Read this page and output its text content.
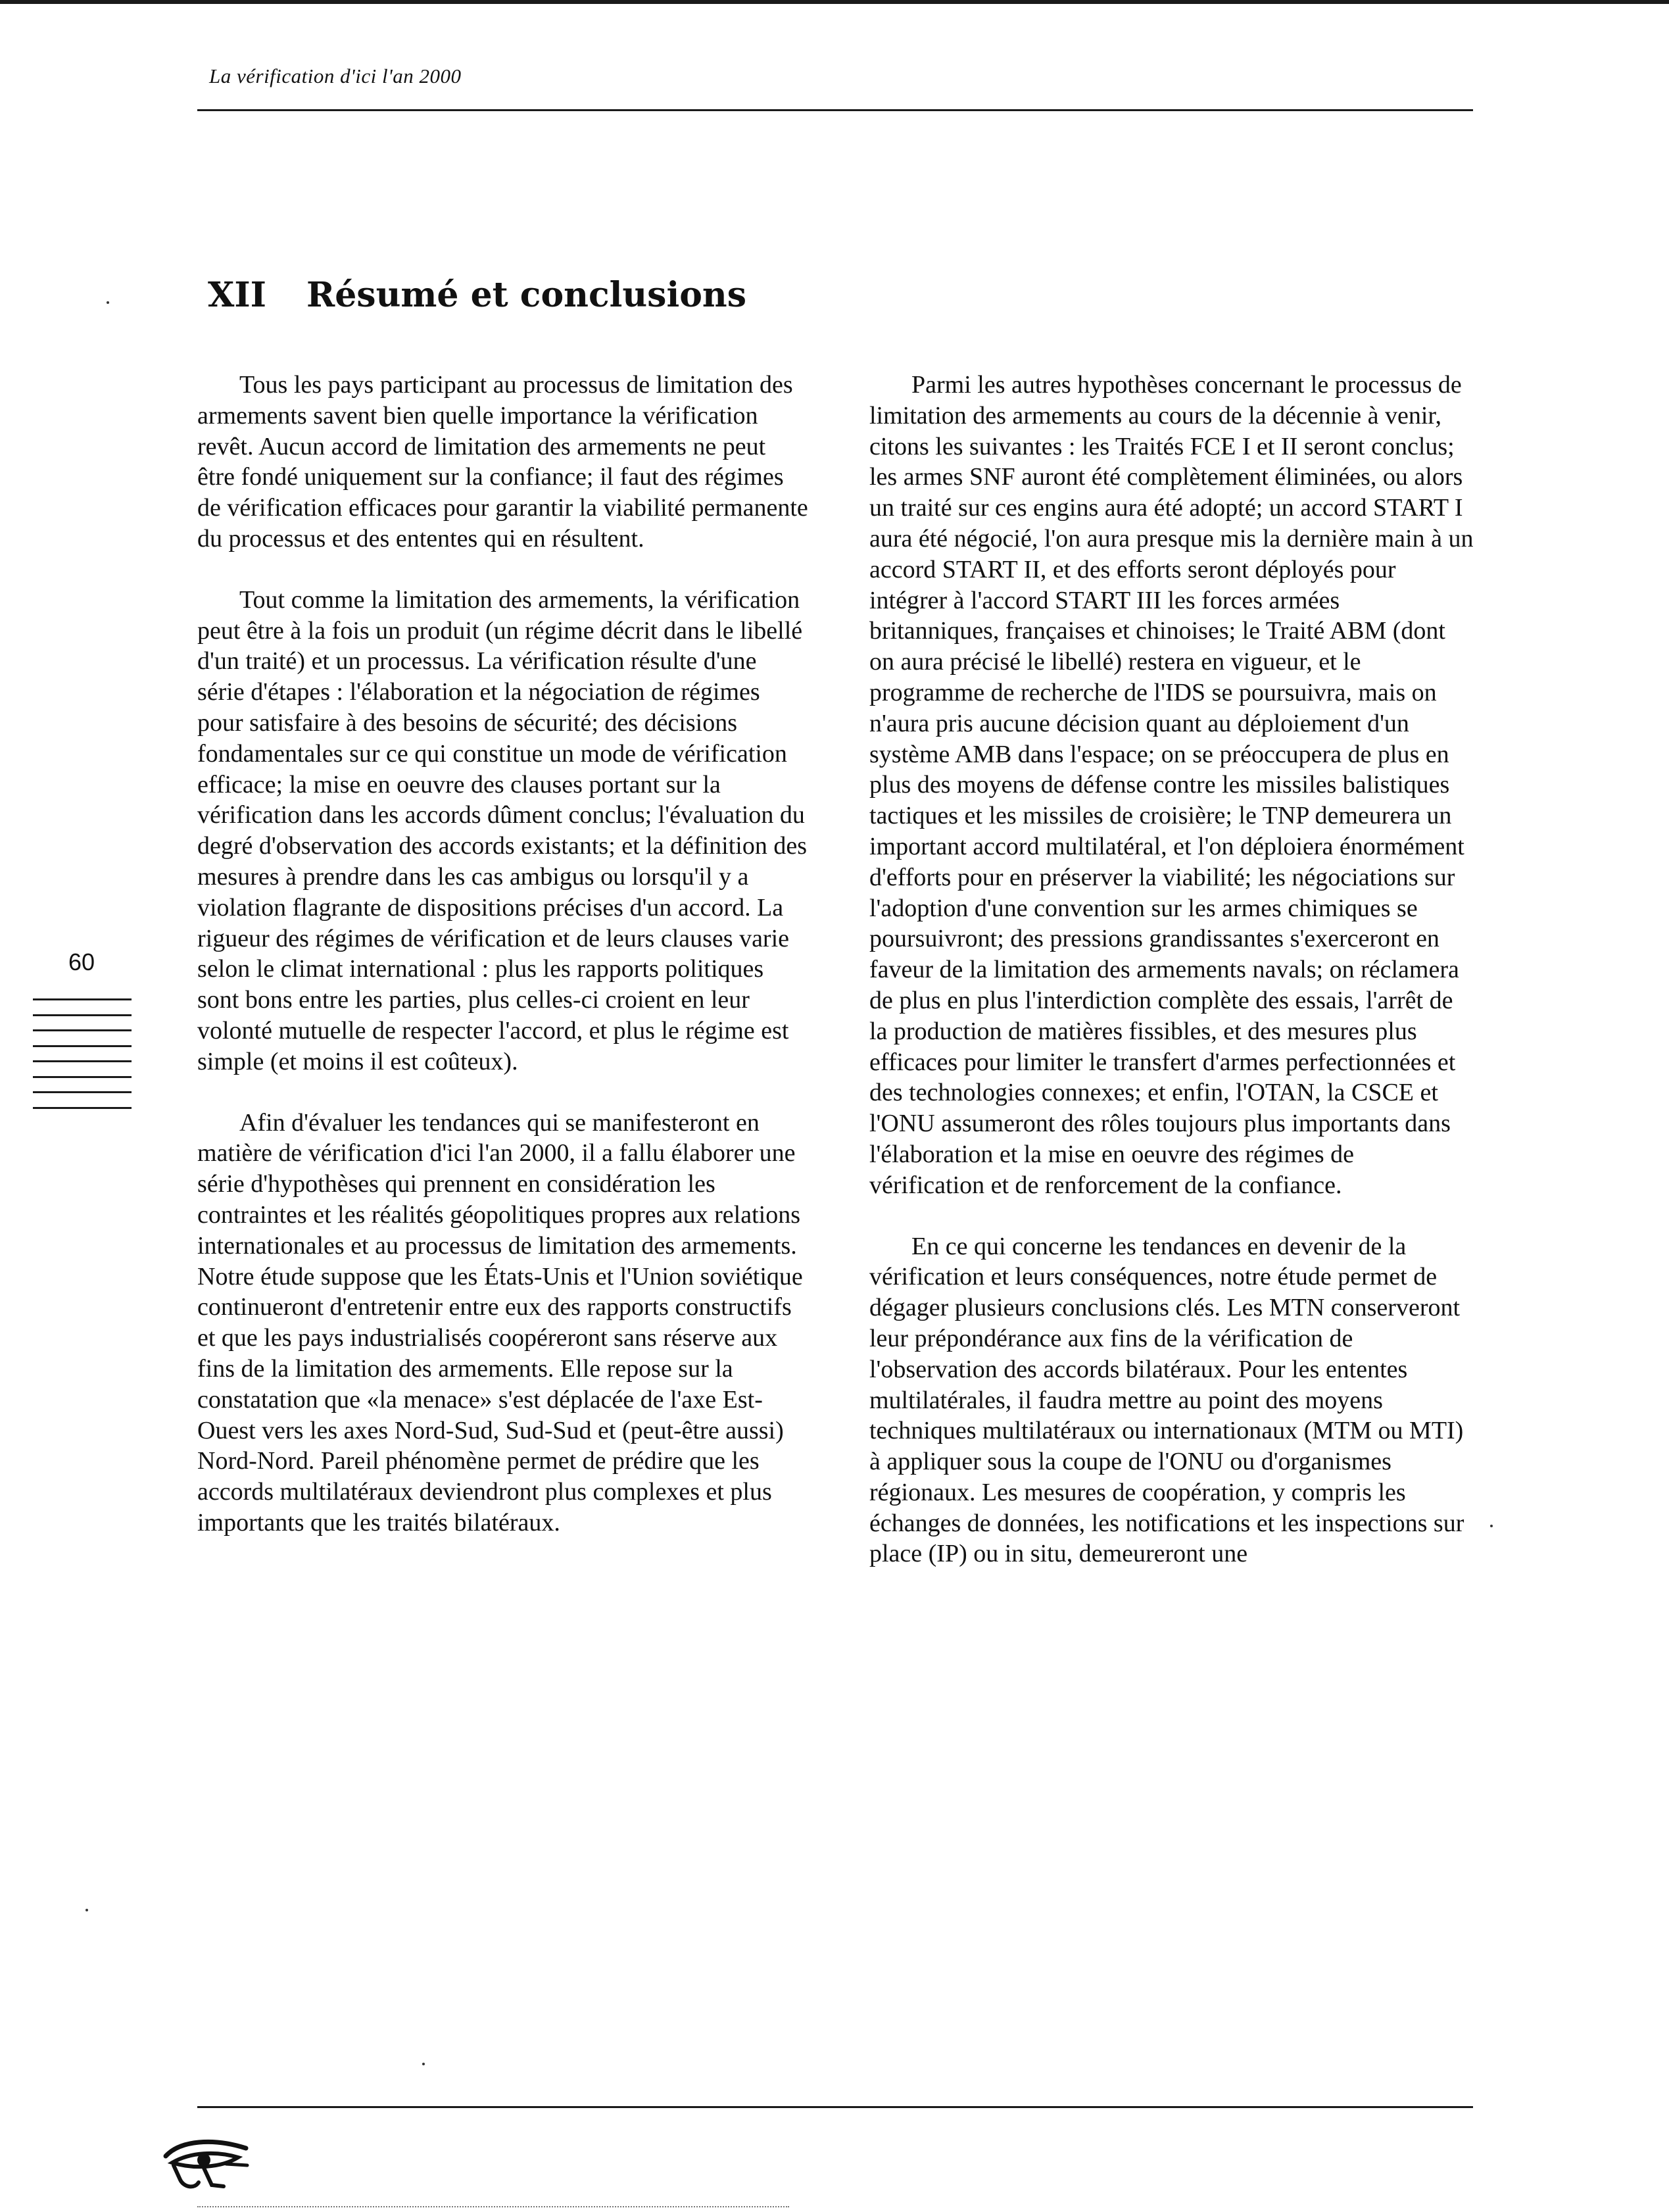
La vérification d'ici l'an 2000
XII Résumé et conclusions

Tous les pays participant au processus de limitation des armements savent bien quelle importance la vérification revêt. Aucun accord de limitation des armements ne peut être fondé uniquement sur la confiance; il faut des régimes de vérification efficaces pour garantir la viabilité permanente du processus et des ententes qui en résultent.

Tout comme la limitation des armements, la vérification peut être à la fois un produit (un régime décrit dans le libellé d'un traité) et un processus. La vérification résulte d'une série d'étapes : l'élaboration et la négociation de régimes pour satisfaire à des besoins de sécurité; des décisions fondamentales sur ce qui constitue un mode de vérification efficace; la mise en oeuvre des clauses portant sur la vérification dans les accords dûment conclus; l'évaluation du degré d'observation des accords existants; et la définition des mesures à prendre dans les cas ambigus ou lorsqu'il y a violation flagrante de dispositions précises d'un accord. La rigueur des régimes de vérification et de leurs clauses varie selon le climat international : plus les rapports politiques sont bons entre les parties, plus celles-ci croient en leur volonté mutuelle de respecter l'accord, et plus le régime est simple (et moins il est coûteux).

Afin d'évaluer les tendances qui se manifesteront en matière de vérification d'ici l'an 2000, il a fallu élaborer une série d'hypothèses qui prennent en considération les contraintes et les réalités géopolitiques propres aux relations internationales et au processus de limitation des armements. Notre étude suppose que les États-Unis et l'Union soviétique continueront d'entretenir entre eux des rapports constructifs et que les pays industrialisés coopéreront sans réserve aux fins de la limitation des armements. Elle repose sur la constatation que «la menace» s'est déplacée de l'axe Est-Ouest vers les axes Nord-Sud, Sud-Sud et (peut-être aussi) Nord-Nord. Pareil phénomène permet de prédire que les accords multilatéraux deviendront plus complexes et plus importants que les traités bilatéraux.

Parmi les autres hypothèses concernant le processus de limitation des armements au cours de la décennie à venir, citons les suivantes : les Traités FCE I et II seront conclus; les armes SNF auront été complètement éliminées, ou alors un traité sur ces engins aura été adopté; un accord START I aura été négocié, l'on aura presque mis la dernière main à un accord START II, et des efforts seront déployés pour intégrer à l'accord START III les forces armées britanniques, françaises et chinoises; le Traité ABM (dont on aura précisé le libellé) restera en vigueur, et le programme de recherche de l'IDS se poursuivra, mais on n'aura pris aucune décision quant au déploiement d'un système AMB dans l'espace; on se préoccupera de plus en plus des moyens de défense contre les missiles balistiques tactiques et les missiles de croisière; le TNP demeurera un important accord multilatéral, et l'on déploiera énormément d'efforts pour en préserver la viabilité; les négociations sur l'adoption d'une convention sur les armes chimiques se poursuivront; des pressions grandissantes s'exerceront en faveur de la limitation des armements navals; on réclamera de plus en plus l'interdiction complète des essais, l'arrêt de la production de matières fissibles, et des mesures plus efficaces pour limiter le transfert d'armes perfectionnées et des technologies connexes; et enfin, l'OTAN, la CSCE et l'ONU assumeront des rôles toujours plus importants dans l'élaboration et la mise en oeuvre des régimes de vérification et de renforcement de la confiance.

En ce qui concerne les tendances en devenir de la vérification et leurs conséquences, notre étude permet de dégager plusieurs conclusions clés. Les MTN conserveront leur prépondérance aux fins de la vérification de l'observation des accords bilatéraux. Pour les ententes multilatérales, il faudra mettre au point des moyens techniques multilatéraux ou internationaux (MTM ou MTI) à appliquer sous la coupe de l'ONU ou d'organismes régionaux. Les mesures de coopération, y compris les échanges de données, les notifications et les inspections sur place (IP) ou in situ, demeureront une

60
